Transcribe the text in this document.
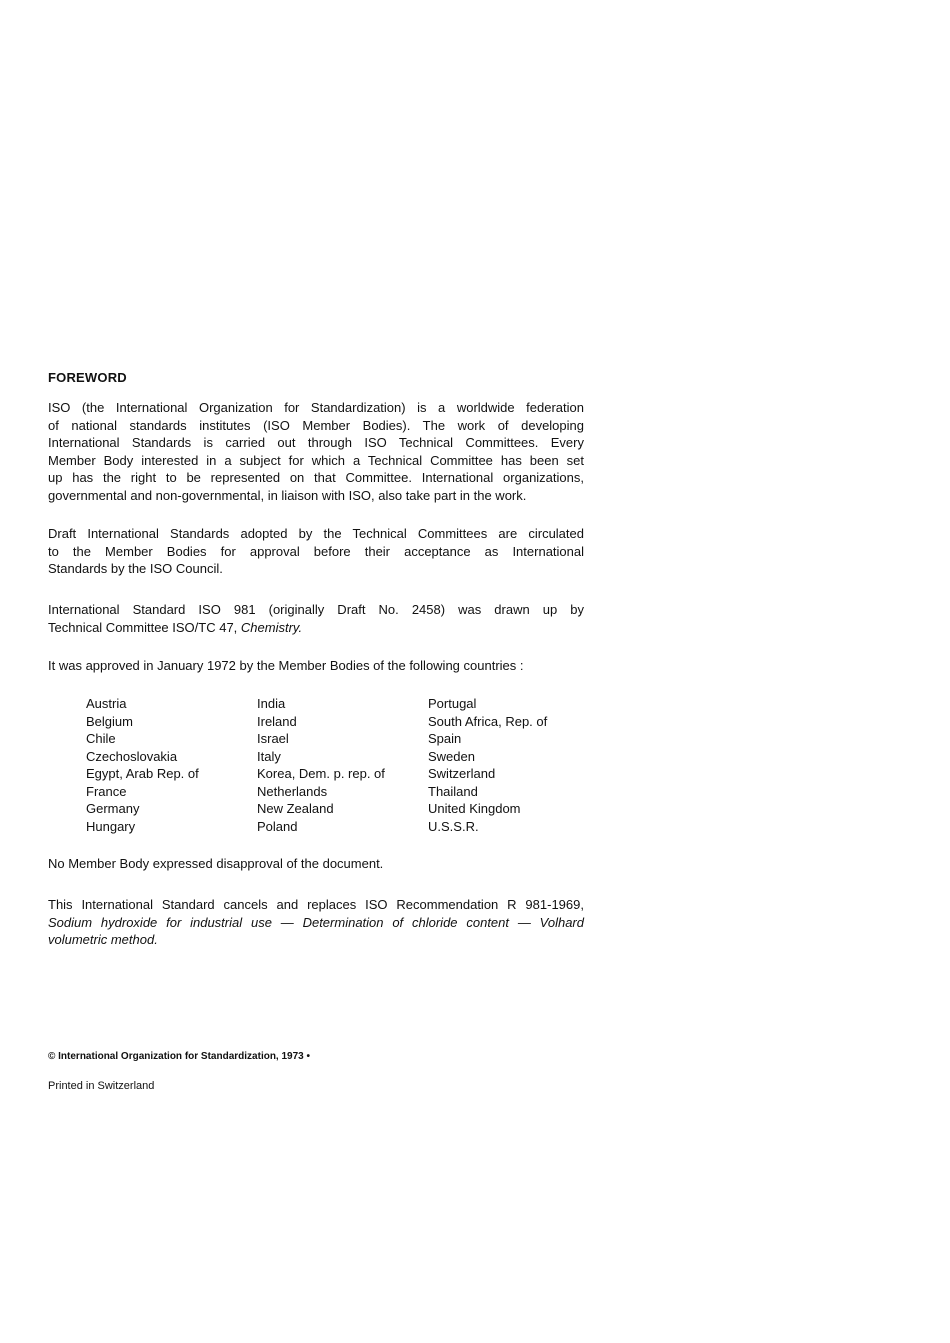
FOREWORD
ISO (the International Organization for Standardization) is a worldwide federation
of national standards institutes (ISO Member Bodies). The work of developing
International Standards is carried out through ISO Technical Committees. Every
Member Body interested in a subject for which a Technical Committee has been set
up has the right to be represented on that Committee. International organizations,
governmental and non-governmental, in liaison with ISO, also take part in the work.
Draft International Standards adopted by the Technical Committees are circulated
to the Member Bodies for approval before their acceptance as International
Standards by the ISO Council.
International Standard ISO 981 (originally Draft No. 2458) was drawn up by
Technical Committee ISO/TC 47, Chemistry.
It was approved in January 1972 by the Member Bodies of the following countries :
Austria
Belgium
Chile
Czechoslovakia
Egypt, Arab Rep. of
France
Germany
Hungary
India
Ireland
Israel
Italy
Korea, Dem. p. rep. of
Netherlands
New Zealand
Poland
Portugal
South Africa, Rep. of
Spain
Sweden
Switzerland
Thailand
United Kingdom
U.S.S.R.
No Member Body expressed disapproval of the document.
This International Standard cancels and replaces ISO Recommendation R 981-1969,
Sodium hydroxide for industrial use — Determination of chloride content — Volhard
volumetric method.
© International Organization for Standardization, 1973 •
Printed in Switzerland
